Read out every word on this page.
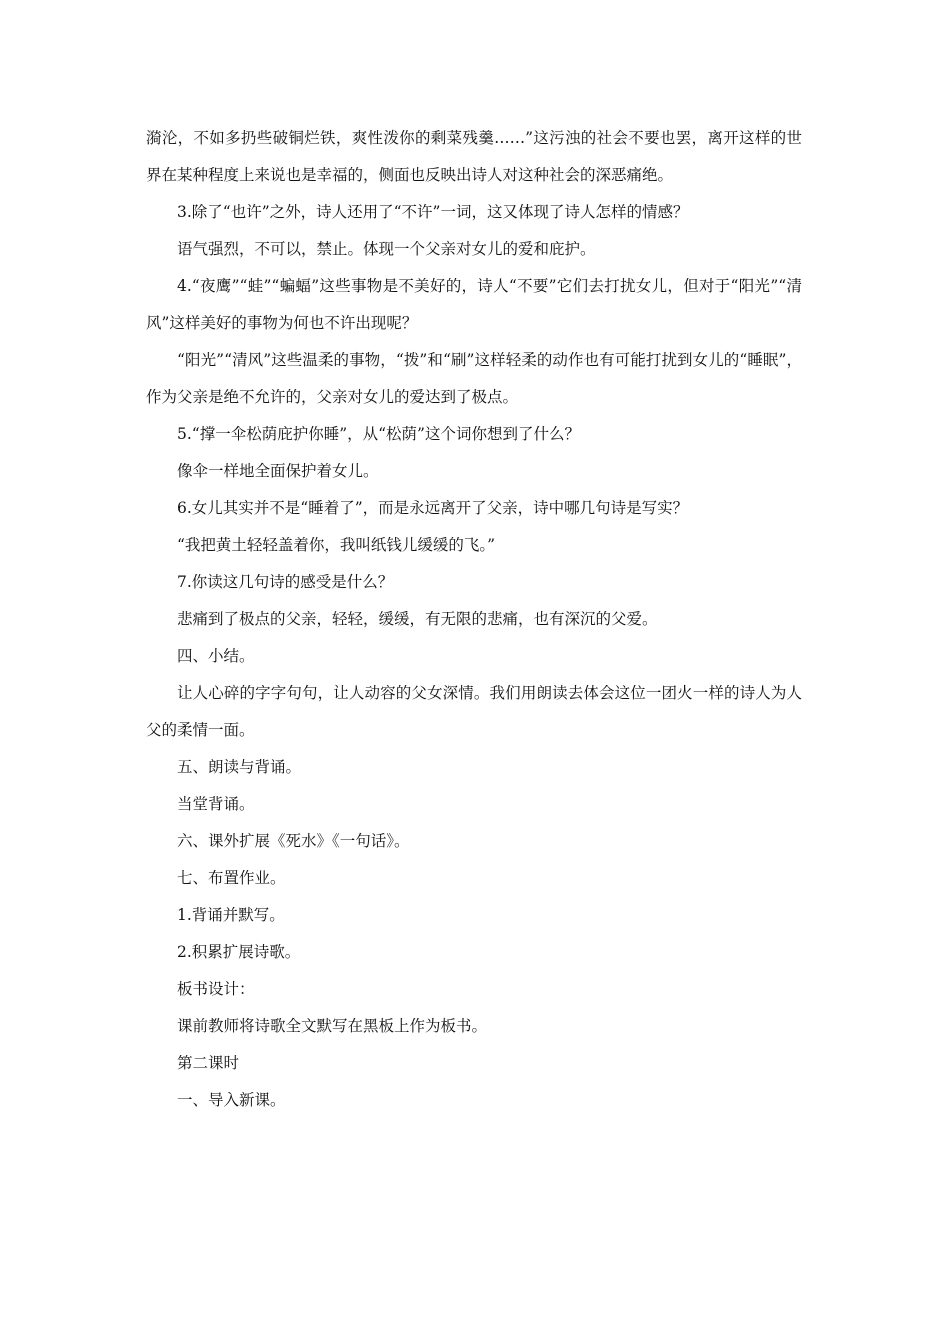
漪沦，不如多扔些破铜烂铁，爽性泼你的剩菜残羹……”这污浊的社会不要也罢，离开这样的世界在某种程度上来说也是幸福的，侧面也反映出诗人对这种社会的深恶痛绝。

3.除了“也许”之外，诗人还用了“不许”一词，这又体现了诗人怎样的情感？

语气强烈，不可以，禁止。体现一个父亲对女儿的爱和庇护。

4.“夜鹰”“蛙”“蝙蝠”这些事物是不美好的，诗人“不要”它们去打扰女儿，但对于“阳光”“清风”这样美好的事物为何也不许出现呢？

“阳光”“清风”这些温柔的事物，“拨”和“刷”这样轻柔的动作也有可能打扰到女儿的“睡眠”，作为父亲是绝不允许的，父亲对女儿的爱达到了极点。

5.“撑一伞松荫庇护你睡”，从“松荫”这个词你想到了什么？

像伞一样地全面保护着女儿。

6.女儿其实并不是“睡着了”，而是永远离开了父亲，诗中哪几句诗是写实？

“我把黄土轻轻盖着你，我叫纸钱儿缓缓的飞。”

7.你读这几句诗的感受是什么？

悲痛到了极点的父亲，轻轻，缓缓，有无限的悲痛，也有深沉的父爱。

四、小结。

让人心碎的字字句句，让人动容的父女深情。我们用朗读去体会这位一团火一样的诗人为人父的柔情一面。

五、朗读与背诵。

当堂背诵。

六、课外扩展《死水》《一句话》。

七、布置作业。

1.背诵并默写。

2.积累扩展诗歌。

板书设计：

课前教师将诗歌全文默写在黑板上作为板书。

第二课时

一、导入新课。
